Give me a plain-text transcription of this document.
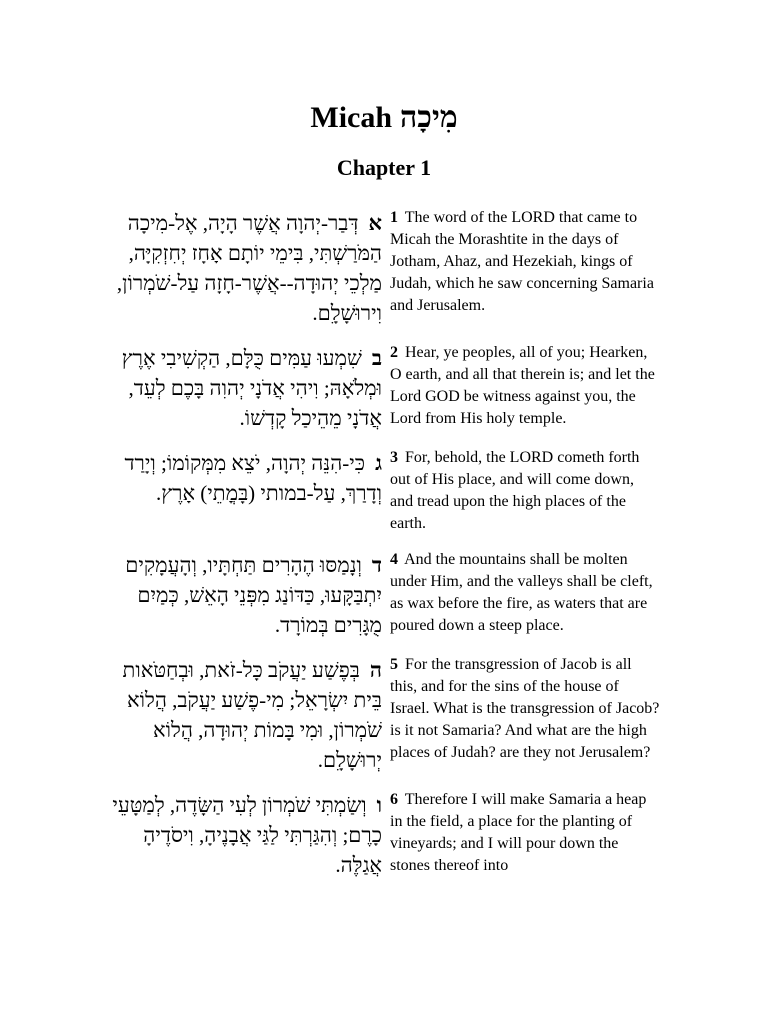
Micah מִיכָה
Chapter 1
אדְּבַר-יְהוָה אֲשֶׁר הָיָה, אֶל-מִיכָה הַמֹּרַשְׁתִּי, בִּימֵי יוֹתָם אָחָז יְחִזְקִיָּה, מַלְכֵי יְהוּדָה--אֲשֶׁר-חָזָה עַל-שֹׁמְרוֹן, וִירוּשָׁלִָם.
1 The word of the LORD that came to Micah the Morashtite in the days of Jotham, Ahaz, and Hezekiah, kings of Judah, which he saw concerning Samaria and Jerusalem.
בשִׁמְעוּ עַמִּים כֻּלָּם, הַקְשִׁיבִי אֶרֶץ וּמְלֹאָהּ; וִיהִי אֲדֹנָי יְהוִה בָּכֶם לְעֵד, אֲדֹנָי מֵהֵיכַל קָדְשׁוֹ.
2 Hear, ye peoples, all of you; Hearken, O earth, and all that therein is; and let the Lord GOD be witness against you, the Lord from His holy temple.
גכִּי-הִנֵּה יְהוָה, יֹצֵא מִמְּקוֹמוֹ; וְיָרַד וְדָרַךְ, עַל-במותי (בָּמֳתֵי) אָרֶץ.
3 For, behold, the LORD cometh forth out of His place, and will come down, and tread upon the high places of the earth.
דוְנָמַסּוּ הֶהָרִים תַּחְתָּיו, וְהָעֲמָקִים יִתְבַּקָּעוּ, כַּדּוֹנַג מִפְּנֵי הָאֵשׁ, כְּמַיִם מֻגָּרִים בְּמוֹרָד.
4 And the mountains shall be molten under Him, and the valleys shall be cleft, as wax before the fire, as waters that are poured down a steep place.
הבְּפֶשַׁע יַעֲקֹב כָּל-זֹאת, וּבְחַטֹּאות בֵּית יִשְׂרָאֵל; מִי-פֶשַׁע יַעֲקֹב, הֲלוֹא שֹׁמְרוֹן, וּמִי בָּמוֹת יְהוּדָה, הֲלוֹא יְרוּשָׁלִָם.
5 For the transgression of Jacob is all this, and for the sins of the house of Israel. What is the transgression of Jacob? is it not Samaria? And what are the high places of Judah? are they not Jerusalem?
ווְשַׂמְתִּי שֹׁמְרוֹן לְעִי הַשָּׂדֶה, לְמַטָּעֵי כָרֶם; וְהִגַּרְתִּי לַגַּי אֲבָנֶיהָ, וִיסֹדֶיהָ אֲגַלֶּה.
6 Therefore I will make Samaria a heap in the field, a place for the planting of vineyards; and I will pour down the stones thereof into
